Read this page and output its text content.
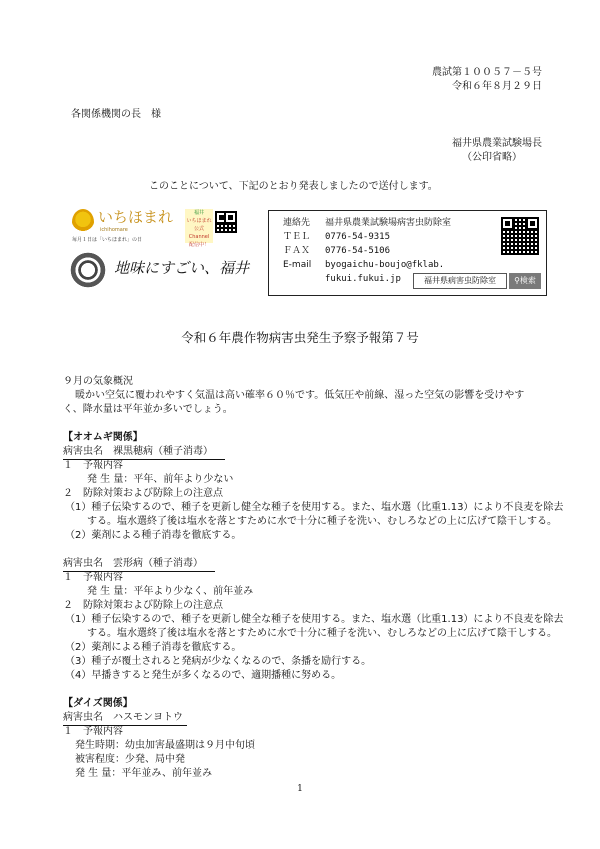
農試第１００５７－５号
令和６年８月２９日
各関係機関の長　様
福井県農業試験場長
（公印省略）
このことについて、下記のとおり発表しましたので送付します。
いちほまれ
ichihomare
毎月１日は「いちほまれ」の日
福井
いちほまれ
公式Channel
配信中！
地味にすごい、福井
連絡先 福井県農業試験場病害虫防除室
ＴＥＬ 0776-54-9315
ＦＡＸ 0776-54-5106
E-mail byogaichu-boujo@fklab.
fukui.fukui.jp	福井県病害虫防除室	⚲検索
令和６年農作物病害虫発生予察予報第７号
９月の気象概況
暖かい空気に覆われやすく気温は高い確率６０％です。低気圧や前線、湿った空気の影響を受けやす
く、降水量は平年並か多いでしょう。
【オオムギ関係】
病害虫名　裸黒穂病（種子消毒）
１　予報内容
発 生 量：平年、前年より少ない
２　防除対策および防除上の注意点
（1）種子伝染するので、種子を更新し健全な種子を使用する。また、塩水選（比重1.13）により不良麦を除去
する。塩水選終了後は塩水を落とすために水で十分に種子を洗い、むしろなどの上に広げて陰干しする。
（2）薬剤による種子消毒を徹底する。
病害虫名　雲形病（種子消毒）
１　予報内容
発 生 量：平年より少なく、前年並み
２　防除対策および防除上の注意点
（1）種子伝染するので、種子を更新し健全な種子を使用する。また、塩水選（比重1.13）により不良麦を除去
する。塩水選終了後は塩水を落とすために水で十分に種子を洗い、むしろなどの上に広げて陰干しする。
（2）薬剤による種子消毒を徹底する。
（3）種子が覆土されると発病が少なくなるので、条播を励行する。
（4）早播きすると発生が多くなるので、適期播種に努める。
【ダイズ関係】
病害虫名　ハスモンヨトウ
１　予報内容
発生時期：幼虫加害最盛期は９月中旬頃
被害程度：少発、局中発
発 生 量：平年並み、前年並み
1
